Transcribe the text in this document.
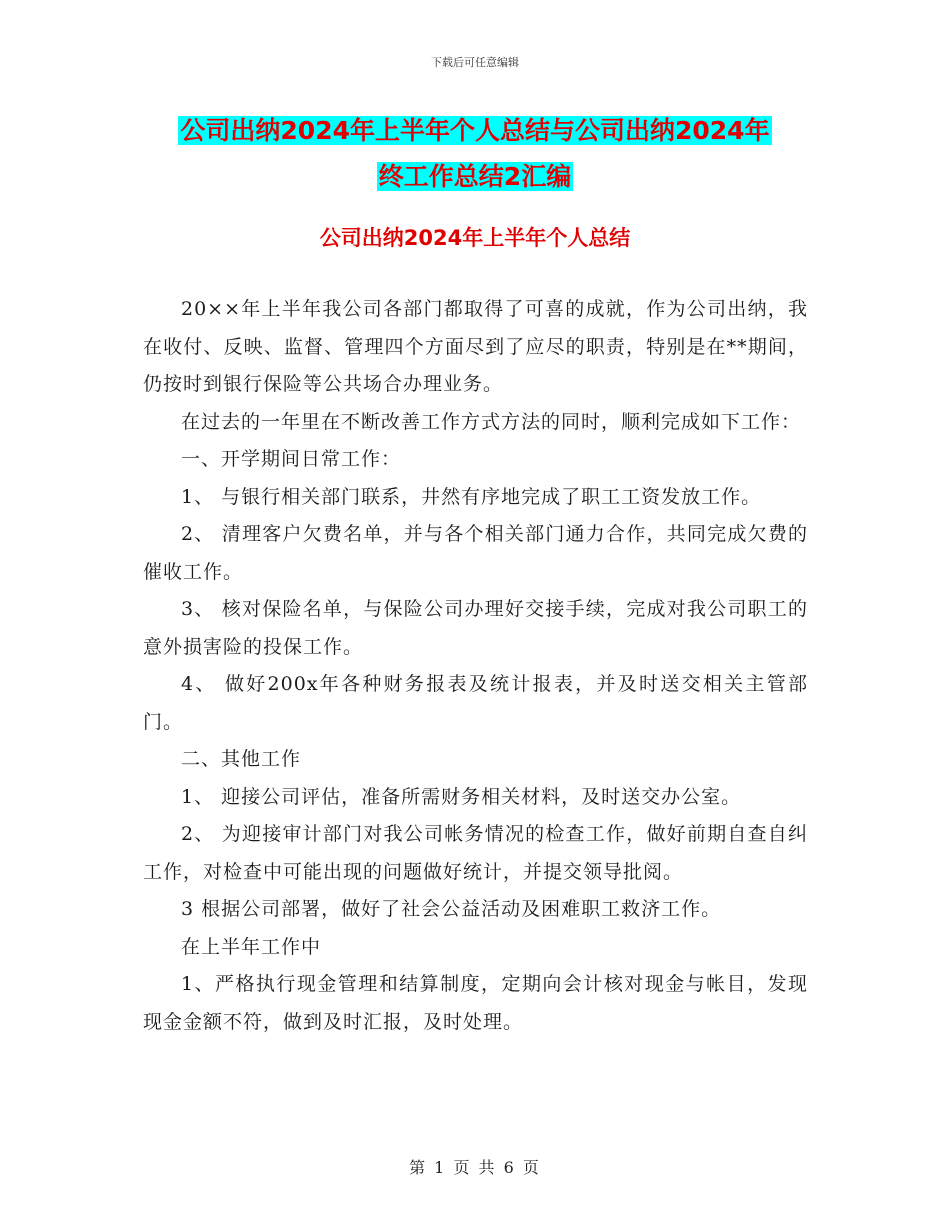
下载后可任意编辑
公司出纳2024年上半年个人总结与公司出纳2024年
终工作总结2汇编
公司出纳2024年上半年个人总结

20××年上半年我公司各部门都取得了可喜的成就，作为公司出纳，我在收付、反映、监督、管理四个方面尽到了应尽的职责，特别是在**期间，仍按时到银行保险等公共场合办理业务。

在过去的一年里在不断改善工作方式方法的同时，顺利完成如下工作：

一、开学期间日常工作：

1、 与银行相关部门联系，井然有序地完成了职工工资发放工作。

2、 清理客户欠费名单，并与各个相关部门通力合作，共同完成欠费的催收工作。

3、 核对保险名单，与保险公司办理好交接手续，完成对我公司职工的意外损害险的投保工作。

4、 做好200x年各种财务报表及统计报表，并及时送交相关主管部门。

二、其他工作

1、 迎接公司评估，准备所需财务相关材料，及时送交办公室。

2、 为迎接审计部门对我公司帐务情况的检查工作，做好前期自查自纠工作，对检查中可能出现的问题做好统计，并提交领导批阅。

3 根据公司部署，做好了社会公益活动及困难职工救济工作。

在上半年工作中

1、严格执行现金管理和结算制度，定期向会计核对现金与帐目，发现现金金额不符，做到及时汇报，及时处理。

第 1 页 共 6 页
